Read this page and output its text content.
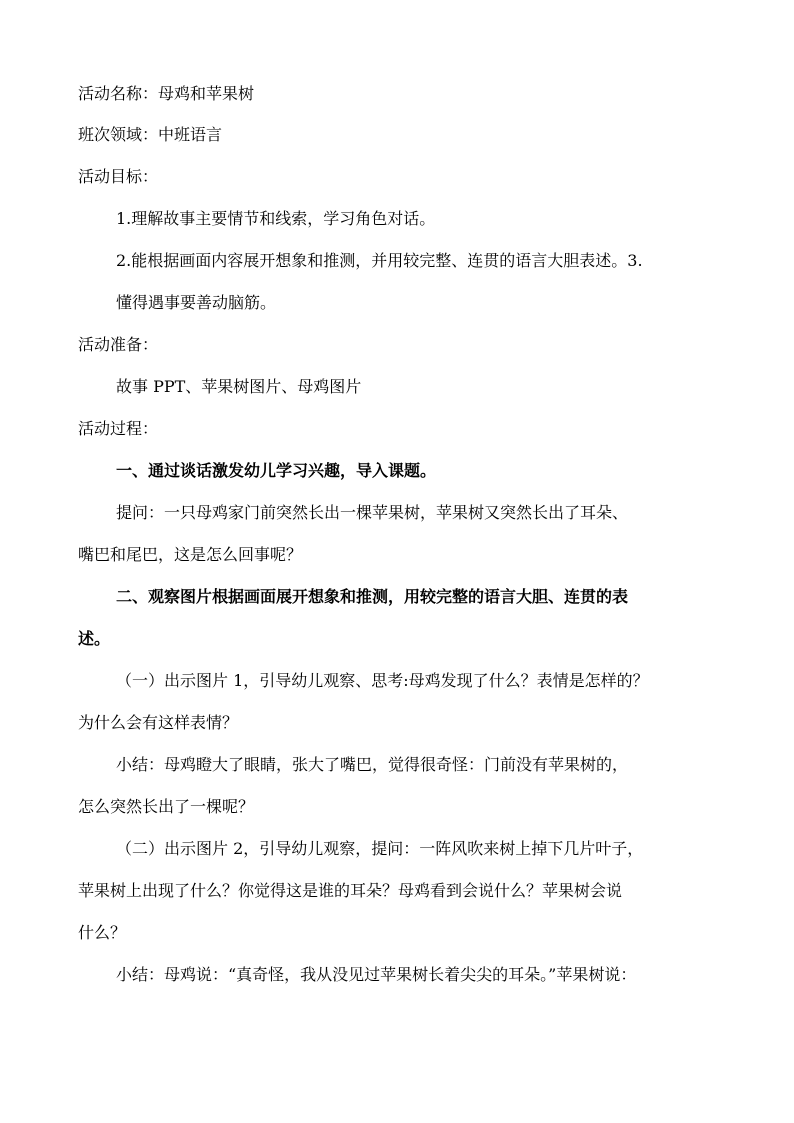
活动名称：母鸡和苹果树
班次领域：中班语言
活动目标：
1.理解故事主要情节和线索，学习角色对话。
2.能根据画面内容展开想象和推测，并用较完整、连贯的语言大胆表述。3.
懂得遇事要善动脑筋。
活动准备：
故事 PPT、苹果树图片、母鸡图片
活动过程：
一、通过谈话激发幼儿学习兴趣，导入课题。
提问：一只母鸡家门前突然长出一棵苹果树，苹果树又突然长出了耳朵、
嘴巴和尾巴，这是怎么回事呢？
二、观察图片根据画面展开想象和推测，用较完整的语言大胆、连贯的表
述。
（一）出示图片 1，引导幼儿观察、思考:母鸡发现了什么？表情是怎样的？
为什么会有这样表情？
小结：母鸡瞪大了眼睛，张大了嘴巴，觉得很奇怪：门前没有苹果树的，
怎么突然长出了一棵呢？
（二）出示图片 2，引导幼儿观察，提问：一阵风吹来树上掉下几片叶子，
苹果树上出现了什么？你觉得这是谁的耳朵？母鸡看到会说什么？苹果树会说
什么？
小结：母鸡说：“真奇怪，我从没见过苹果树长着尖尖的耳朵。”苹果树说：
